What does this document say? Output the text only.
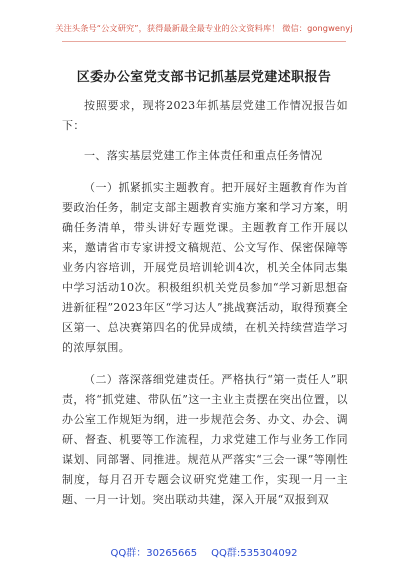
关注头条号“公文研究”，获得最新最全最专业的公文资料库！ 微信：gongwenyj
区委办公室党支部书记抓基层党建述职报告

按照要求，现将2023年抓基层党建工作情况报告如下：

一、落实基层党建工作主体责任和重点任务情况

（一）抓紧抓实主题教育。把开展好主题教育作为首要政治任务，制定支部主题教育实施方案和学习方案，明确任务清单，带头讲好专题党课。主题教育工作开展以来，邀请省市专家讲授文稿规范、公文写作、保密保障等业务内容培训，开展党员培训轮训4次，机关全体同志集中学习活动10次。积极组织机关党员参加“学习新思想奋进新征程”2023年区“学习达人”挑战赛活动，取得预赛全区第一、总决赛第四名的优异成绩，在机关持续营造学习的浓厚氛围。

（二）落深落细党建责任。严格执行“第一责任人”职责，将“抓党建、带队伍”这一主业主责摆在突出位置，以办公室工作规矩为纲，进一步规范会务、办文、办会、调研、督查、机要等工作流程，力求党建工作与业务工作同谋划、同部署、同推进。规范从严落实“三会一课”等刚性制度，每月召开专题会议研究党建工作，实现一月一主题、一月一计划。突出联动共建，深入开展“双报到双

QQ群：30265665 QQ群:535304092
